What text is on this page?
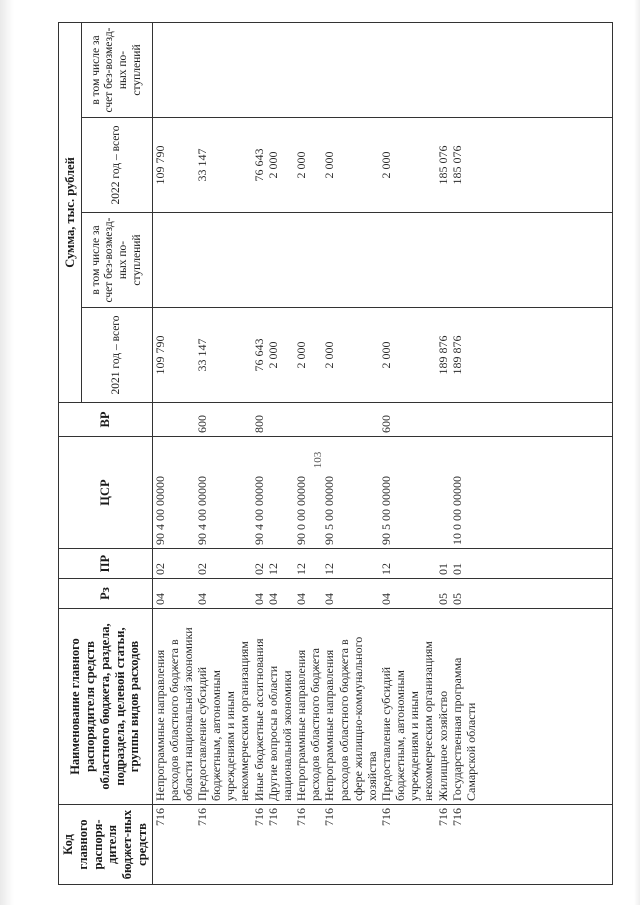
103
Код главного распоря-дителя бюджет-ных средств	Наименование главного распорядителя средств областного бюджета, раздела, подраздела, целевой статьи, группы видов расходов	Рз	ПР	ЦСР	ВР	Сумма, тыс. рублей			
						2021 год – всего	в том числе за счет без-возмезд-ных по-ступлений	2022 год – всего	в том числе за счет без-возмезд-ных по-ступлений
716	Непрограммные направления расходов областного бюджета в области национальной экономики	04	02	90 4 00 00000		109 790		109 790	
716	Предоставление субсидий бюджетным, автономным учреждениям и иным некоммерческим организациям	04	02	90 4 00 00000	600	33 147		33 147	
716	Иные бюджетные ассигнования	04	02	90 4 00 00000	800	76 643		76 643	
716	Другие вопросы в области национальной экономики	04	12			2 000		2 000	
716	Непрограммные направления расходов областного бюджета	04	12	90 0 00 00000		2 000		2 000	
716	Непрограммные направления расходов областного бюджета в сфере жилищно-коммунального хозяйства	04	12	90 5 00 00000		2 000		2 000	
716	Предоставление субсидий бюджетным, автономным учреждениям и иным некоммерческим организациям	04	12	90 5 00 00000	600	2 000		2 000	
716	Жилищное хозяйство	05	01			189 876		185 076	
716	Государственная программа Самарской области	05	01	10 0 00 00000		189 876		185 076	
